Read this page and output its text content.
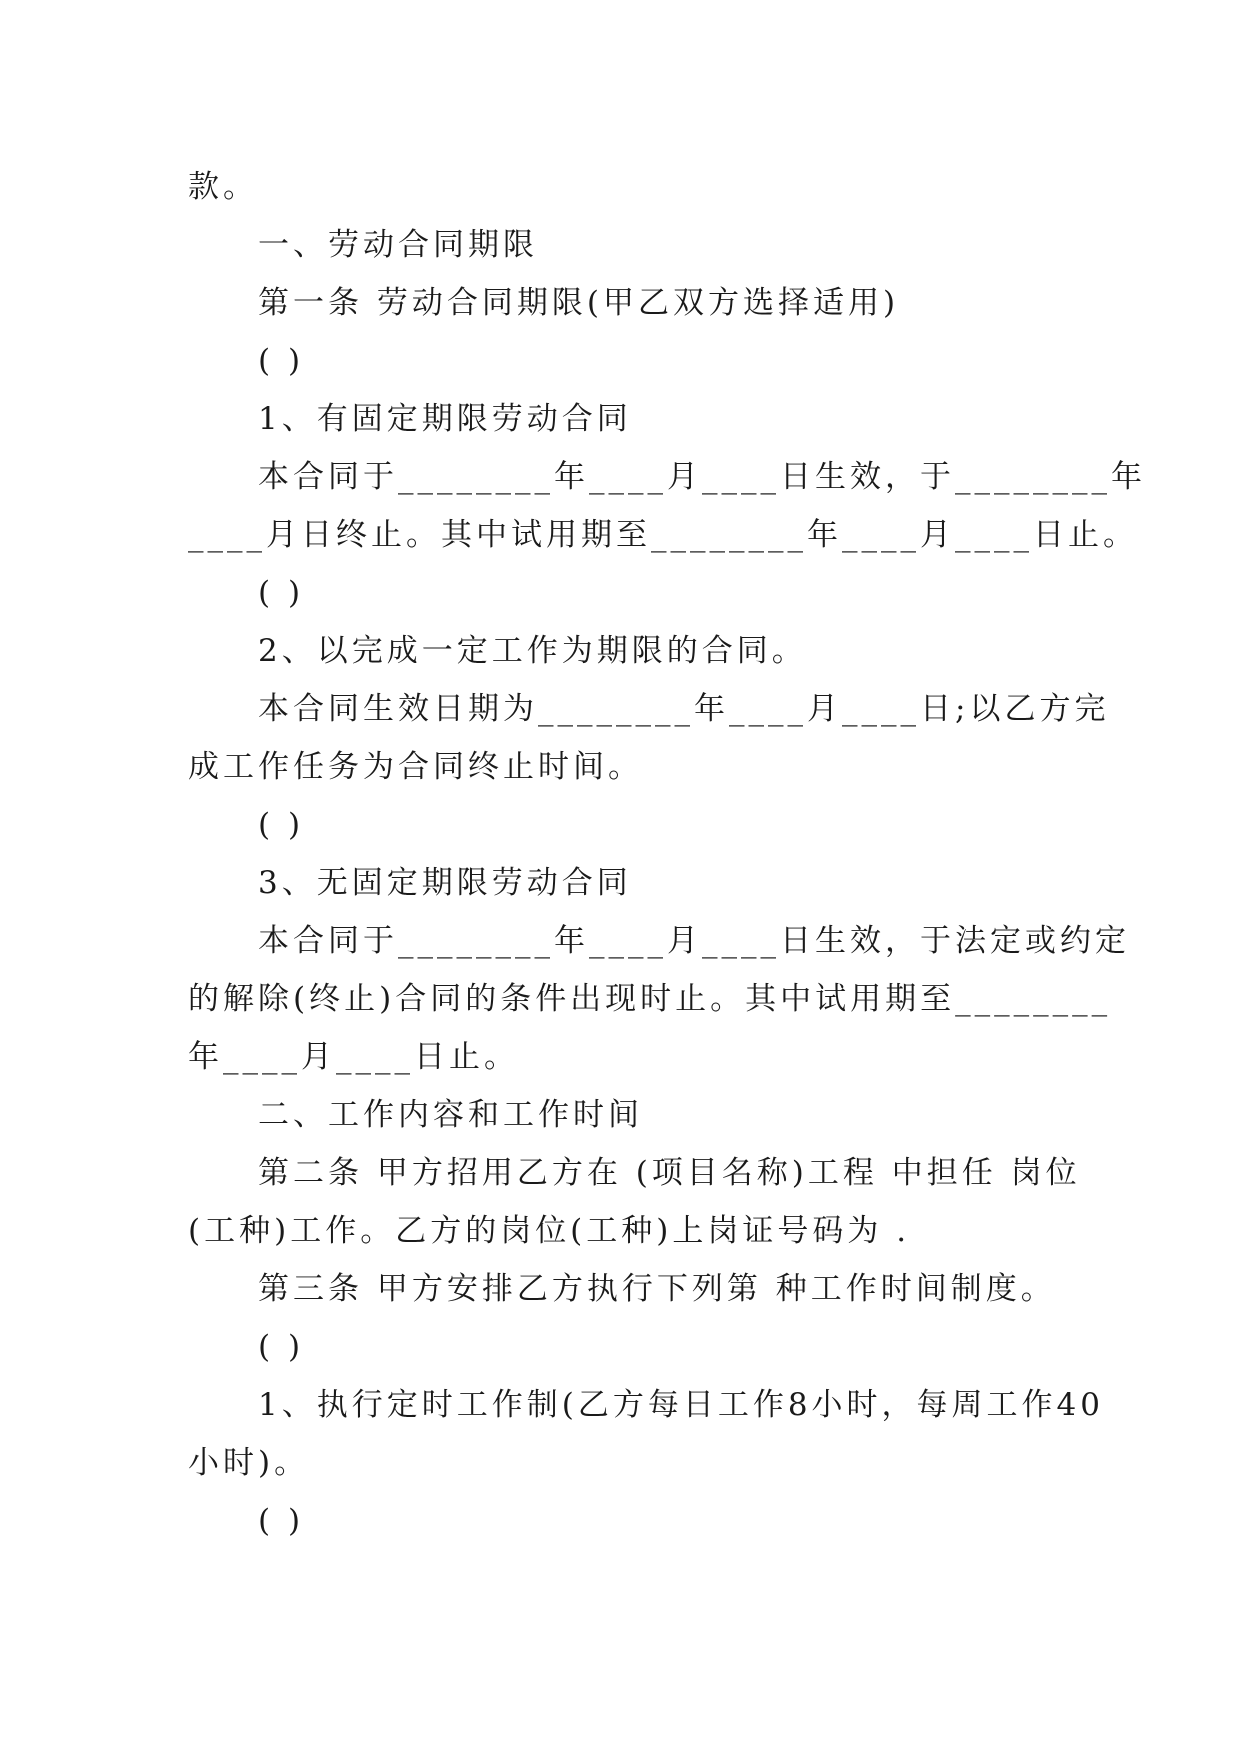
款。
一、劳动合同期限
第一条 劳动合同期限(甲乙双方选择适用)
( )
1、有固定期限劳动合同
本合同于________年____月____日生效，于________年
____月日终止。其中试用期至________年____月____日止。
( )
2、以完成一定工作为期限的合同。
本合同生效日期为________年____月____日;以乙方完
成工作任务为合同终止时间。
( )
3、无固定期限劳动合同
本合同于________年____月____日生效，于法定或约定
的解除(终止)合同的条件出现时止。其中试用期至________
年____月____日止。
二、工作内容和工作时间
第二条 甲方招用乙方在 (项目名称)工程 中担任 岗位
(工种)工作。乙方的岗位(工种)上岗证号码为 .
第三条 甲方安排乙方执行下列第 种工作时间制度。
( )
1、执行定时工作制(乙方每日工作8小时，每周工作40
小时)。
( )
